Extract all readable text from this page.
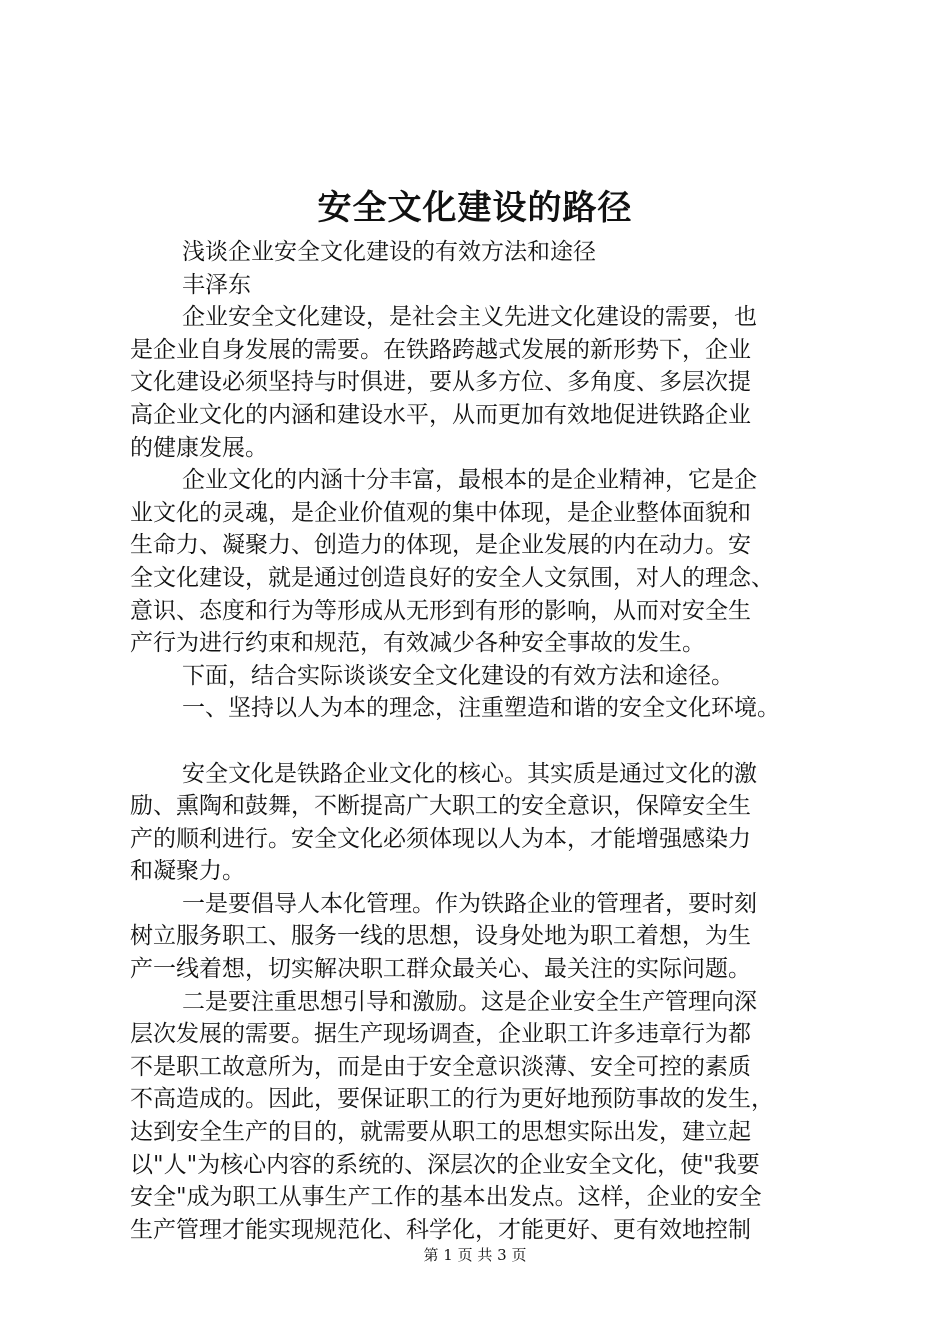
安全文化建设的路径
浅谈企业安全文化建设的有效方法和途径
丰泽东
企业安全文化建设，是社会主义先进文化建设的需要，也
是企业自身发展的需要。在铁路跨越式发展的新形势下，企业
文化建设必须坚持与时俱进，要从多方位、多角度、多层次提
高企业文化的内涵和建设水平，从而更加有效地促进铁路企业
的健康发展。
企业文化的内涵十分丰富，最根本的是企业精神，它是企
业文化的灵魂，是企业价值观的集中体现，是企业整体面貌和
生命力、凝聚力、创造力的体现，是企业发展的内在动力。安
全文化建设，就是通过创造良好的安全人文氛围，对人的理念、
意识、态度和行为等形成从无形到有形的影响，从而对安全生
产行为进行约束和规范，有效减少各种安全事故的发生。
下面，结合实际谈谈安全文化建设的有效方法和途径。
一、坚持以人为本的理念，注重塑造和谐的安全文化环境。
安全文化是铁路企业文化的核心。其实质是通过文化的激
励、熏陶和鼓舞，不断提高广大职工的安全意识，保障安全生
产的顺利进行。安全文化必须体现以人为本，才能增强感染力
和凝聚力。
一是要倡导人本化管理。作为铁路企业的管理者，要时刻
树立服务职工、服务一线的思想，设身处地为职工着想，为生
产一线着想，切实解决职工群众最关心、最关注的实际问题。
二是要注重思想引导和激励。这是企业安全生产管理向深
层次发展的需要。据生产现场调查，企业职工许多违章行为都
不是职工故意所为，而是由于安全意识淡薄、安全可控的素质
不高造成的。因此，要保证职工的行为更好地预防事故的发生，
达到安全生产的目的，就需要从职工的思想实际出发，建立起
以"人"为核心内容的系统的、深层次的企业安全文化，使"我要
安全"成为职工从事生产工作的基本出发点。这样，企业的安全
生产管理才能实现规范化、科学化，才能更好、更有效地控制
第 1 页 共 3 页
